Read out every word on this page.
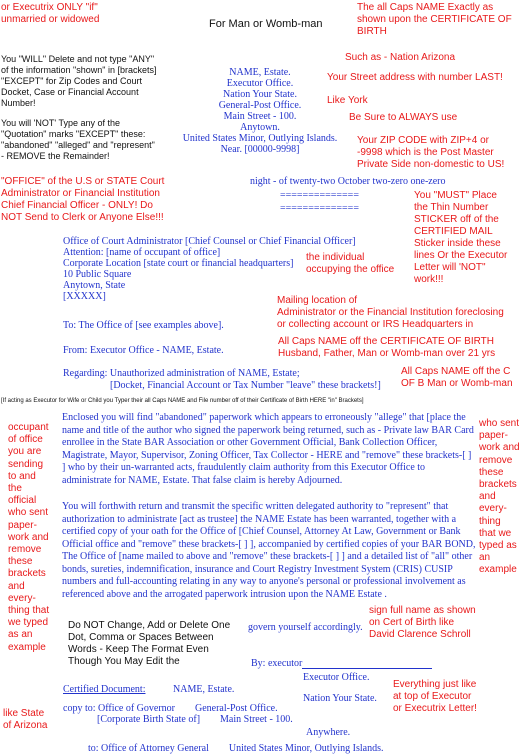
or Executrix ONLY "if"
unmarried or widowed	For Man or Womb-man
The all Caps NAME Exactly as
shown upon the CERTIFICATE OF
BIRTH
You "WILL" Delete and not type "ANY"
of the information "shown" in [brackets]
"EXCEPT" for Zip Codes and Court
Docket, Case or Financial Account
Number!
You will 'NOT' Type any of the
"Quotation" marks "EXCEPT" these:
"abandoned" "alleged" and "represent"
- REMOVE the Remainder!
NAME, Estate.
Executor Office.
Nation Your State.
General-Post Office.
Main Street - 100.
Anytown.
United States Minor, Outlying Islands.
Near. [00000-9998]
Such as - Nation Arizona
Your Street address with number LAST!
Like York
Be Sure to ALWAYS use
Your ZIP CODE with ZIP+4 or
-9998 which is the Post Master
Private Side non-domestic to US!
"OFFICE" of the U.S or STATE Court
Administrator or Financial Institution
Chief Financial Officer - ONLY! Do
NOT Send to Clerk or Anyone Else!!!
night - of twenty-two October two-zero one-zero
==============
==============
You "MUST" Place
the Thin Number
STICKER off of the
CERTIFIED MAIL
Sticker inside these
lines Or the Executor
Letter will 'NOT"
work!!!
Office of Court Administrator [Chief Counsel or Chief Financial Officer]
Attention: [name of occupant of office]
Corporate Location [state court or financial headquarters]
10 Public Square
Anytown, State
[XXXXX]
the individual
occupying the office
Mailing location of
Administrator or the Financial Institution foreclosing
or collecting account or IRS Headquarters in
To: The Office of [see examples above].
All Caps NAME off the CERTIFICATE OF BIRTH
Husband, Father, Man or Womb-man over 21 yrs
From: Executor Office - NAME, Estate.
Regarding: Unauthorized administration of NAME, Estate;
[Docket, Financial Account or Tax Number "leave" these brackets!]
All Caps NAME off the C
OF B Man or Womb-man
[If acting as Executor for Wife or Child you Typer their all Caps NAME and File number off of their Certificate of Birth HERE "in" Brackets]
occupant
of office
you are
sending
to and
the
official
who sent
paper-
work and
remove
these
brackets
and
every-
thing that
we typed
as an
example
who sent
paper-
work and
remove
these
brackets
and
every-
thing
that we
typed as
an
example
Enclosed you will find "abandoned" paperwork which appears to erroneously "allege" that [place the name and title of the author who signed the paperwork being returned, such as - Private law BAR Card enrollee in the State BAR Association or other Government Official, Bank Collection Officer, Magistrate, Mayor, Supervisor, Zoning Officer, Tax Collector - HERE and "remove" these brackets-[ ] ] who by their un-warranted acts, fraudulently claim authority from this Executor Office to administrate for NAME, Estate. That false claim is hereby Adjourned.
You will forthwith return and transmit the specific written delegated authority to "represent" that authorization to administrate [act as trustee] the NAME Estate has been warranted, together with a certified copy of your oath for the Office of [Chief Counsel, Attorney At Law, Government or Bank Official office and "remove" these brackets-[ ] ], accompanied by certified copies of your BAR BOND, The Office of [name mailed to above and "remove" these brackets-[ ] ] and a detailed list of "all" other bonds, sureties, indemnification, insurance and Court Registry Investment System (CRIS) CUSIP numbers and full-accounting relating in any way to anyone's personal or professional involvement as referenced above and the arrogated paperwork intrusion upon the NAME Estate .
Do NOT Change, Add or Delete One
Dot, Comma or Spaces Between
Words - Keep The Format Even
Though You May Edit the
govern yourself accordingly.
sign full name as shown
on Cert of Birth like
David Clarence Schroll
By: executor
Executor Office.
Nation Your State.
Certified Document:	NAME, Estate.	Everything just like
at top of Executor
or Executrix Letter!
copy to: Office of Governor        General-Post Office.
[Corporate Birth State of]        Main Street - 100.
Anywhere.
like State
of Arizona
to: Office of Attorney General        United States Minor, Outlying Islands.
